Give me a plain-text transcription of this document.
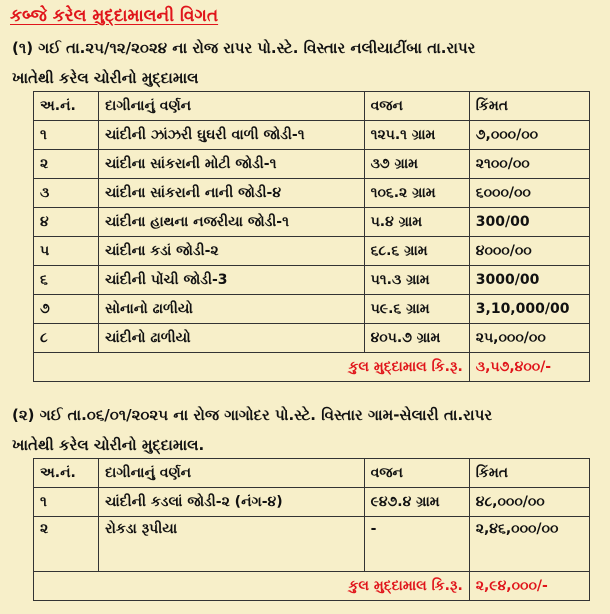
કબ્જે કરેલ મુદ્દામાલની વિગત
(૧) ગઈ તા.૨૫/૧૨/૨૦૨૪ ના રોજ રાપર પો.સ્ટે. વિસ્તાર નલીયાટીંબા તા.રાપર
ખાતેથી કરેલ ચોરીનો મુદ્દામાલ
અ.નં.	દાગીનાનું વર્ણન	વજન	કિંમત
૧	ચાંદીની ઝાંઝરી ઘુઘરી વાળી જોડી-૧	૧૨૫.૧ ગ્રામ	૭,૦૦૦/૦૦
૨	ચાંદીના સાંકરાની મોટી જોડી-૧	૩૭ ગ્રામ	૨૧૦૦/૦૦
૩	ચાંદીના સાંકરાની નાની જોડી-૪	૧૦૬.૨ ગ્રામ	૬૦૦૦/૦૦
૪	ચાંદીના હાથના નજરીયા જોડી-૧	૫.૪ ગ્રામ	300/00
૫	ચાંદીના કડાં જોડી-૨	૬૮.૬ ગ્રામ	૪૦૦૦/૦૦
૬	ચાંદીની પોંચી જોડી-3	૫૧.૩ ગ્રામ	3000/00
૭	સોનાનો ઢાળીયો	૫૯.૬ ગ્રામ	3,10,000/00
૮	ચાંદીનો ઢાળીયો	૪૦૫.૭ ગ્રામ	૨૫,૦૦૦/૦૦
કુલ મુદ્દામાલ કિ.રૂ.			૩,૫૭,૪૦૦/-
(૨) ગઈ તા.૦૬/૦૧/૨૦૨૫ ના રોજ ગાગોદર પો.સ્ટે. વિસ્તાર ગામ-સેલારી તા.રાપર
ખાતેથી કરેલ ચોરીનો મુદ્દામાલ.
અ.નં.	દાગીનાનું વર્ણન	વજન	કિંમત
૧	ચાંદીની કડલાં જોડી-૨ (નંગ-૪)	૯૪૭.૪ ગ્રામ	૪૮,૦૦૦/૦૦
૨	રોકડા રૂપીયા	-	૨,૪૬,૦૦૦/૦૦
કુલ મુદ્દામાલ કિ.રૂ.			૨,૯૪,૦૦૦/-
